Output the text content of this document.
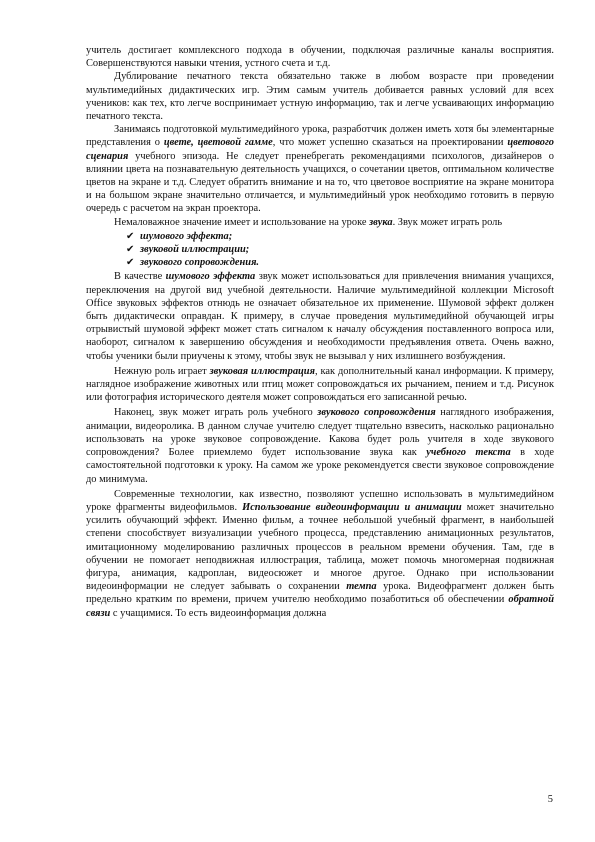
учитель достигает комплексного подхода в обучении, подключая различные каналы восприятия. Совершенствуются навыки чтения, устного счета и т.д.

Дублирование печатного текста обязательно также в любом возрасте при проведении мультимедийных дидактических игр. Этим самым учитель добивается равных условий для всех учеников: как тех, кто легче воспринимает устную информацию, так и легче усваивающих информацию печатного текста.

Занимаясь подготовкой мультимедийного урока, разработчик должен иметь хотя бы элементарные представления о цвете, цветовой гамме, что может успешно сказаться на проектировании цветового сценария учебного эпизода. Не следует пренебрегать рекомендациями психологов, дизайнеров о влиянии цвета на познавательную деятельность учащихся, о сочетании цветов, оптимальном количестве цветов на экране и т.д. Следует обратить внимание и на то, что цветовое восприятие на экране монитора и на большом экране значительно отличается, и мультимедийный урок необходимо готовить в первую очередь с расчетом на экран проектора.

Немаловажное значение имеет и использование на уроке звука. Звук может играть роль

✔ шумового эффекта;
✔ звуковой иллюстрации;
✔ звукового сопровождения.

В качестве шумового эффекта звук может использоваться для привлечения внимания учащихся, переключения на другой вид учебной деятельности. Наличие мультимедийной коллекции Microsoft Office звуковых эффектов отнюдь не означает обязательное их применение. Шумовой эффект должен быть дидактически оправдан. К примеру, в случае проведения мультимедийной обучающей игры отрывистый шумовой эффект может стать сигналом к началу обсуждения поставленного вопроса или, наоборот, сигналом к завершению обсуждения и необходимости предъявления ответа. Очень важно, чтобы ученики были приучены к этому, чтобы звук не вызывал у них излишнего возбуждения.

Нежную роль играет звуковая иллюстрация, как дополнительный канал информации. К примеру, наглядное изображение животных или птиц может сопровождаться их рычанием, пением и т.д. Рисунок или фотография исторического деятеля может сопровождаться его записанной речью.

Наконец, звук может играть роль учебного звукового сопровождения наглядного изображения, анимации, видеоролика. В данном случае учителю следует тщательно взвесить, насколько рационально использовать на уроке звуковое сопровождение. Какова будет роль учителя в ходе звукового сопровождения? Более приемлемо будет использование звука как учебного текста в ходе самостоятельной подготовки к уроку. На самом же уроке рекомендуется свести звуковое сопровождение до минимума.

Современные технологии, как известно, позволяют успешно использовать в мультимедийном уроке фрагменты видеофильмов. Использование видеоинформации и анимации может значительно усилить обучающий эффект. Именно фильм, а точнее небольшой учебный фрагмент, в наибольшей степени способствует визуализации учебного процесса, представлению анимационных результатов, имитационному моделированию различных процессов в реальном времени обучения. Там, где в обучении не помогает неподвижная иллюстрация, таблица, может помочь многомерная подвижная фигура, анимация, кадроплан, видеосюжет и многое другое. Однако при использовании видеоинформации не следует забывать о сохранении темпа урока. Видеофрагмент должен быть предельно кратким по времени, причем учителю необходимо позаботиться об обеспечении обратной связи с учащимися. То есть видеоинформация должна

5
